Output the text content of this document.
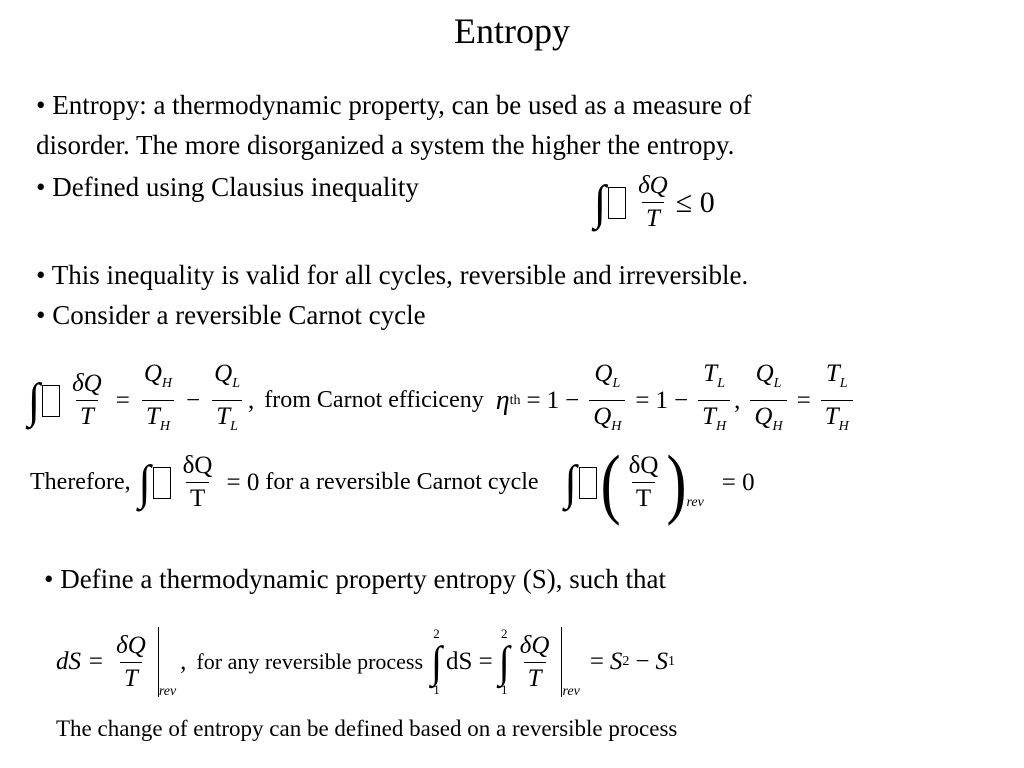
Entropy
• Entropy: a thermodynamic property, can be used as a measure of
disorder. The more disorganized a system the higher the entropy.
• Defined using Clausius inequality	∫ $\frac{\delta Q}{T} \le 0$
• This inequality is valid for all cycles, reversible and irreversible.
• Consider a reversible Carnot cycle
∫ $\frac{\delta Q}{T} = \frac{Q_H}{T_H} - \frac{Q_L}{T_L}$ , from Carnot efficiceny η th = $1 - \frac{Q_L}{Q_H} = 1 - \frac{T_L}{T_H}$ , $\frac{Q_L}{Q_H} = \frac{T_L}{T_H}$
Therefore, ∫ $\frac{\delta Q}{T} = 0$ for a reversible Carnot cycle ∫ ( $\frac{\delta Q}{T}$ ) rev
= 0
• Define a thermodynamic property entropy (S), such that
dS = $\frac{\delta Q}{T}$ rev
, for any reversible process
2
∫
1
dS =
2
∫
$1 \frac{\delta Q}{T}$ rev
= S 2 − S 1
The change of entropy can be defined based on a reversible process
